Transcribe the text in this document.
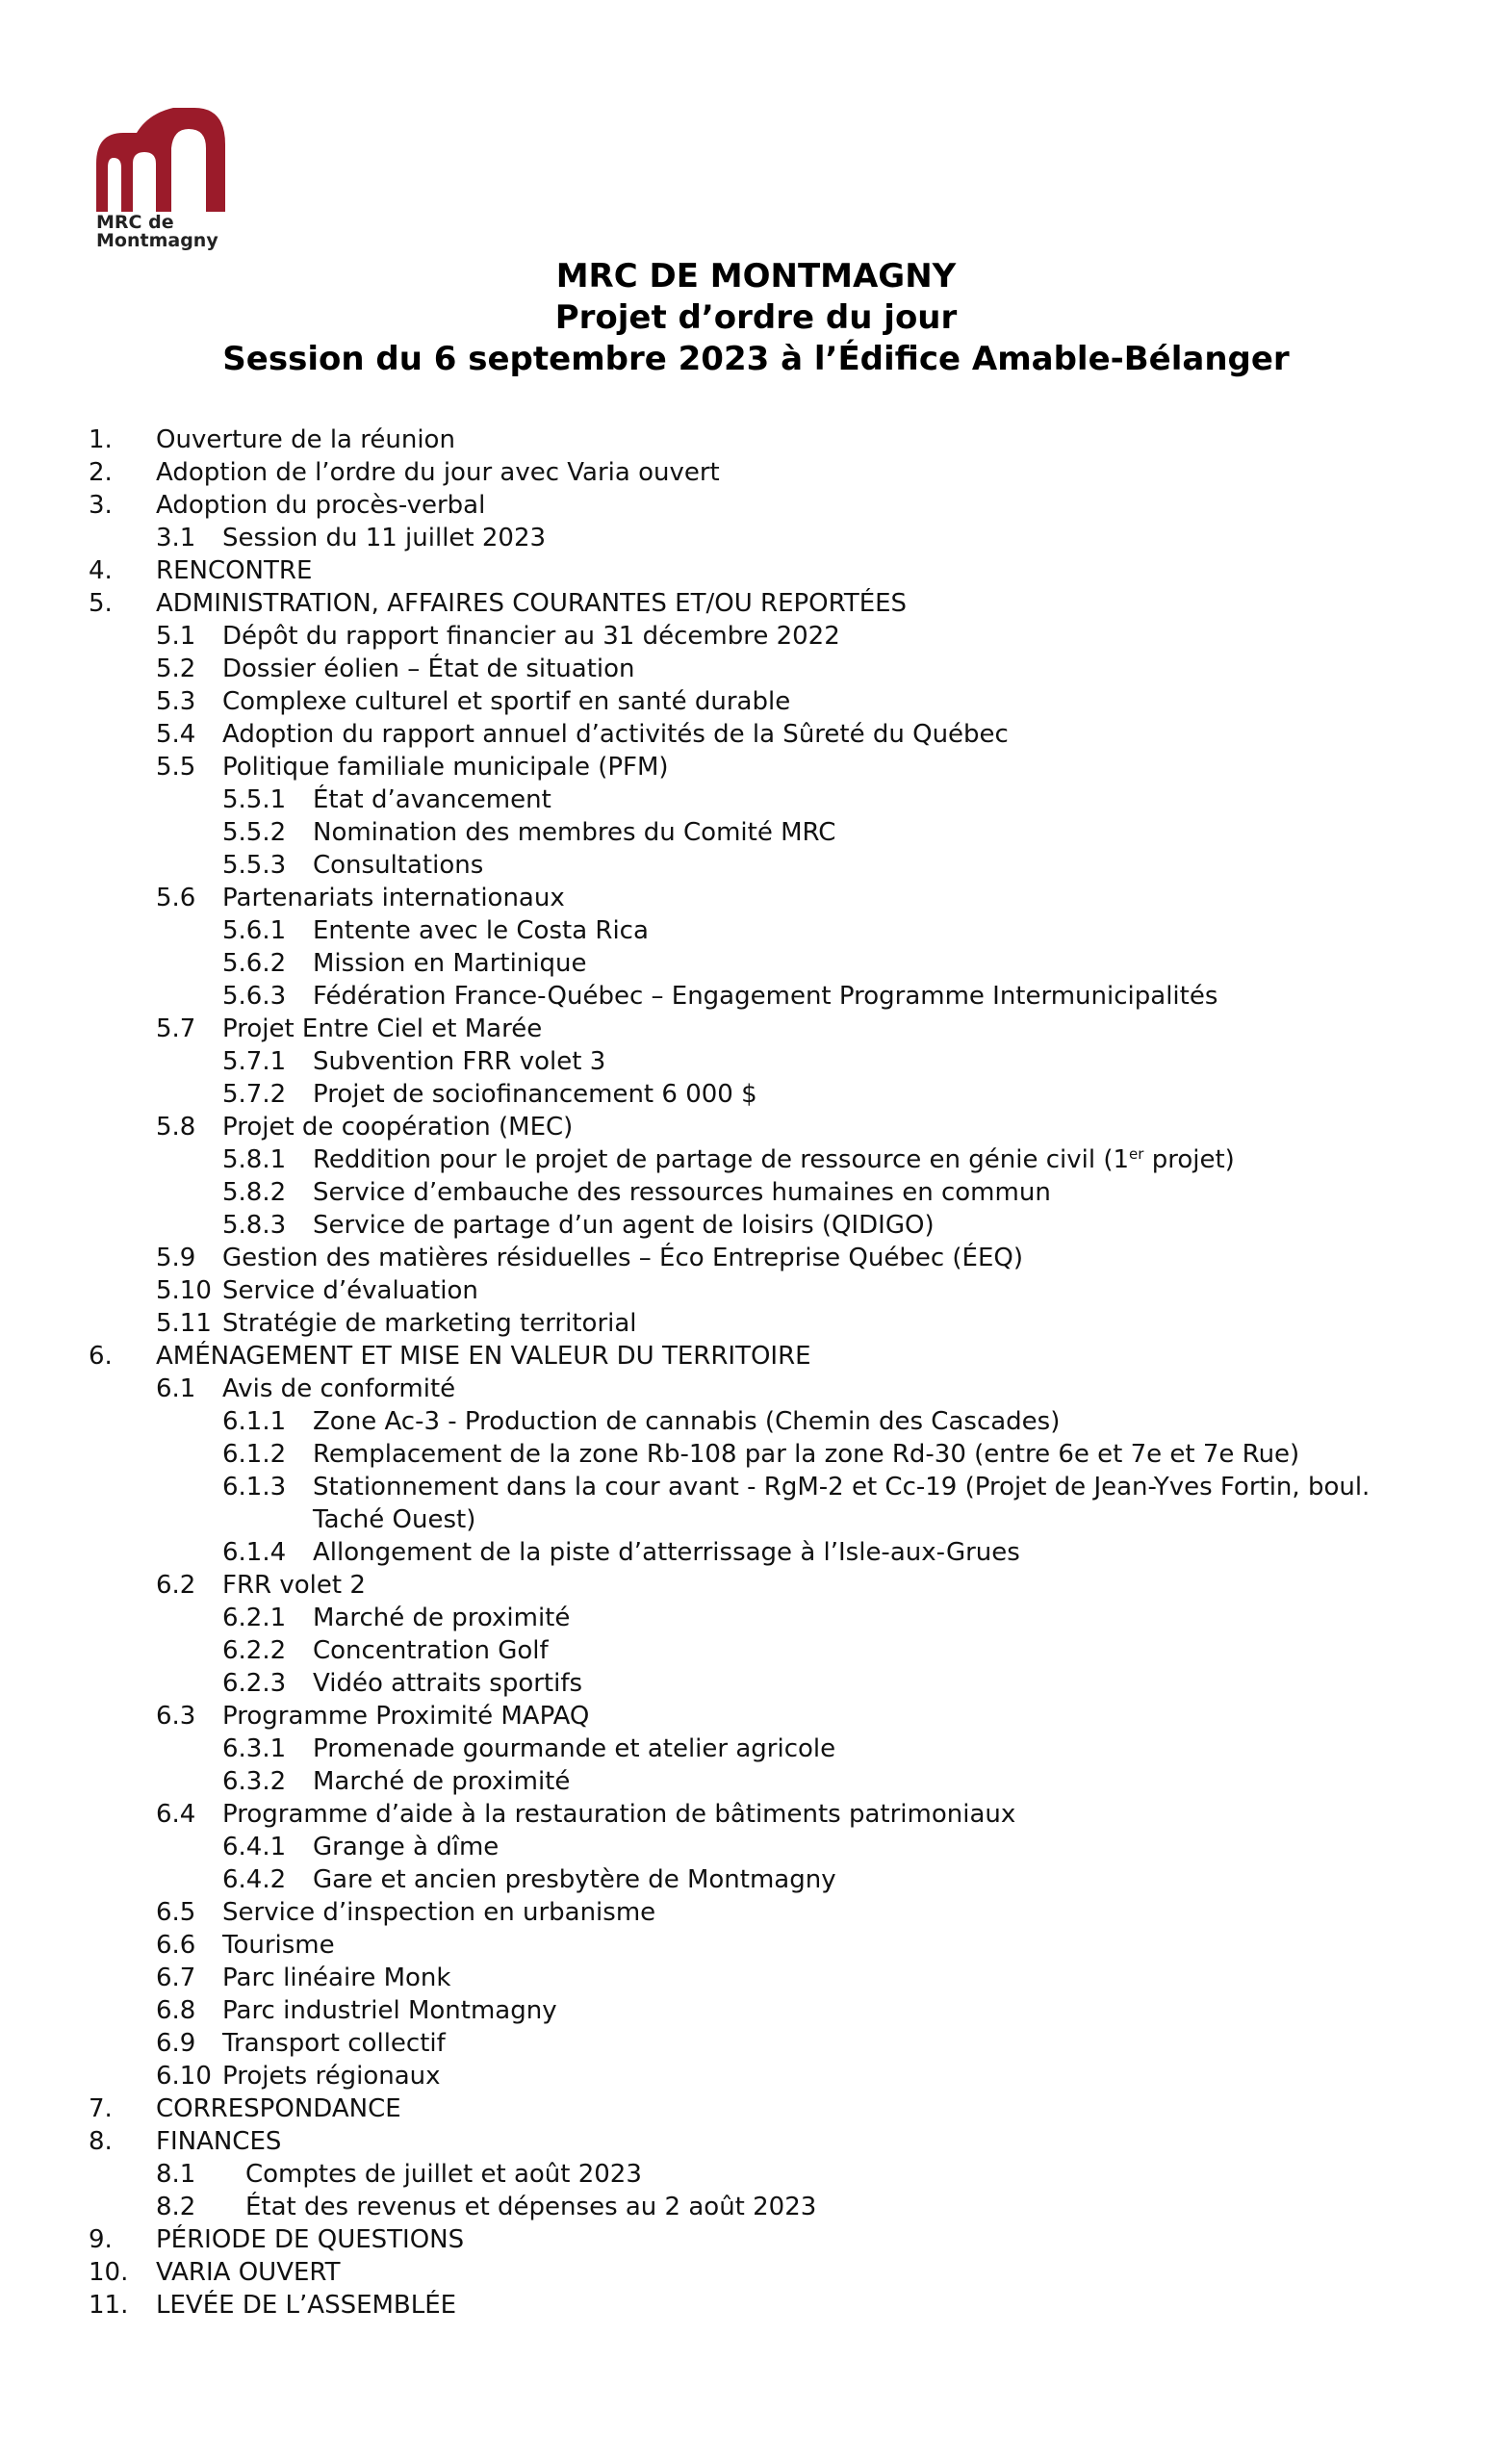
MRC de
Montmagny
MRC DE MONTMAGNY
Projet d’ordre du jour
Session du 6 septembre 2023 à l’Édifice Amable-Bélanger
1. Ouverture de la réunion
2. Adoption de l’ordre du jour avec Varia ouvert
3. Adoption du procès-verbal
3.1 Session du 11 juillet 2023
4. RENCONTRE
5. ADMINISTRATION, AFFAIRES COURANTES ET/OU REPORTÉES
5.1 Dépôt du rapport financier au 31 décembre 2022
5.2 Dossier éolien – État de situation
5.3 Complexe culturel et sportif en santé durable
5.4 Adoption du rapport annuel d’activités de la Sûreté du Québec
5.5 Politique familiale municipale (PFM)
5.5.1 État d’avancement
5.5.2 Nomination des membres du Comité MRC
5.5.3 Consultations
5.6 Partenariats internationaux
5.6.1 Entente avec le Costa Rica
5.6.2 Mission en Martinique
5.6.3 Fédération France-Québec – Engagement Programme Intermunicipalités
5.7 Projet Entre Ciel et Marée
5.7.1 Subvention FRR volet 3
5.7.2 Projet de sociofinancement 6 000 $
5.8 Projet de coopération (MEC)
5.8.1 Reddition pour le projet de partage de ressource en génie civil (1er projet)
5.8.2 Service d’embauche des ressources humaines en commun
5.8.3 Service de partage d’un agent de loisirs (QIDIGO)
5.9 Gestion des matières résiduelles – Éco Entreprise Québec (ÉEQ)
5.10 Service d’évaluation
5.11 Stratégie de marketing territorial
6. AMÉNAGEMENT ET MISE EN VALEUR DU TERRITOIRE
6.1 Avis de conformité
6.1.1 Zone Ac-3 - Production de cannabis (Chemin des Cascades)
6.1.2 Remplacement de la zone Rb-108 par la zone Rd-30 (entre 6e et 7e et 7e Rue)
6.1.3 Stationnement dans la cour avant - RgM-2 et Cc-19 (Projet de Jean-Yves Fortin, boul. Taché Ouest)
6.1.4 Allongement de la piste d’atterrissage à l’Isle-aux-Grues
6.2 FRR volet 2
6.2.1 Marché de proximité
6.2.2 Concentration Golf
6.2.3 Vidéo attraits sportifs
6.3 Programme Proximité MAPAQ
6.3.1 Promenade gourmande et atelier agricole
6.3.2 Marché de proximité
6.4 Programme d’aide à la restauration de bâtiments patrimoniaux
6.4.1 Grange à dîme
6.4.2 Gare et ancien presbytère de Montmagny
6.5 Service d’inspection en urbanisme
6.6 Tourisme
6.7 Parc linéaire Monk
6.8 Parc industriel Montmagny
6.9 Transport collectif
6.10 Projets régionaux
7. CORRESPONDANCE
8. FINANCES
8.1 Comptes de juillet et août 2023
8.2 État des revenus et dépenses au 2 août 2023
9. PÉRIODE DE QUESTIONS
10. VARIA OUVERT
11. LEVÉE DE L’ASSEMBLÉE
